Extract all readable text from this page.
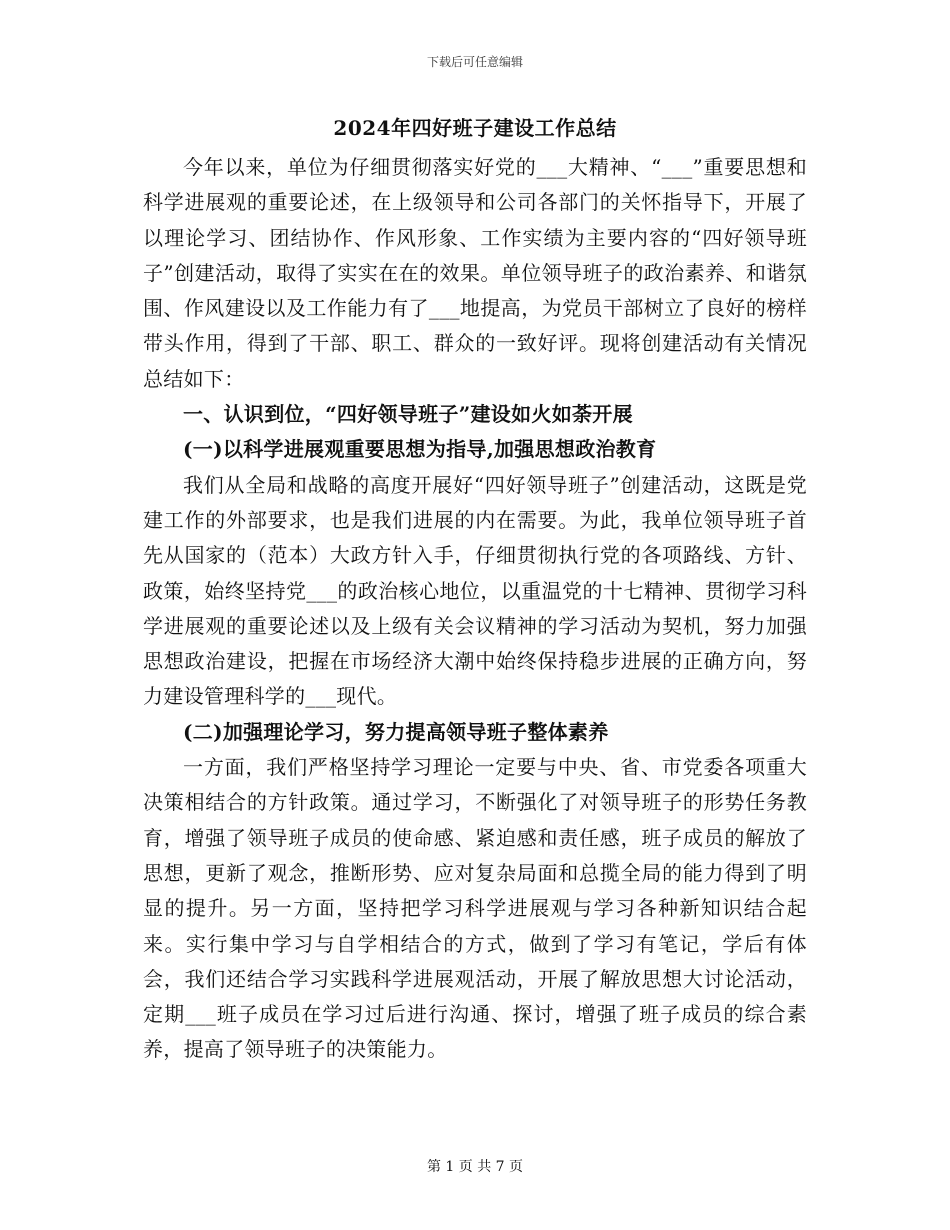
下载后可任意编辑
2024年四好班子建设工作总结

今年以来，单位为仔细贯彻落实好党的___大精神、“___”重要思想和科学进展观的重要论述，在上级领导和公司各部门的关怀指导下，开展了以理论学习、团结协作、作风形象、工作实绩为主要内容的“四好领导班子”创建活动，取得了实实在在的效果。单位领导班子的政治素养、和谐氛围、作风建设以及工作能力有了___地提高，为党员干部树立了良好的榜样带头作用，得到了干部、职工、群众的一致好评。现将创建活动有关情况总结如下：

一、认识到位，“四好领导班子”建设如火如荼开展

(一)以科学进展观重要思想为指导,加强思想政治教育

我们从全局和战略的高度开展好“四好领导班子”创建活动，这既是党建工作的外部要求，也是我们进展的内在需要。为此，我单位领导班子首先从国家的（范本）大政方针入手，仔细贯彻执行党的各项路线、方针、政策，始终坚持党___的政治核心地位，以重温党的十七精神、贯彻学习科学进展观的重要论述以及上级有关会议精神的学习活动为契机，努力加强思想政治建设，把握在市场经济大潮中始终保持稳步进展的正确方向，努力建设管理科学的___现代。

(二)加强理论学习，努力提高领导班子整体素养

一方面，我们严格坚持学习理论一定要与中央、省、市党委各项重大决策相结合的方针政策。通过学习，不断强化了对领导班子的形势任务教育，增强了领导班子成员的使命感、紧迫感和责任感，班子成员的解放了思想，更新了观念，推断形势、应对复杂局面和总揽全局的能力得到了明显的提升。另一方面，坚持把学习科学进展观与学习各种新知识结合起来。实行集中学习与自学相结合的方式，做到了学习有笔记，学后有体会，我们还结合学习实践科学进展观活动，开展了解放思想大讨论活动，定期___班子成员在学习过后进行沟通、探讨，增强了班子成员的综合素养，提高了领导班子的决策能力。

第 1 页 共 7 页
